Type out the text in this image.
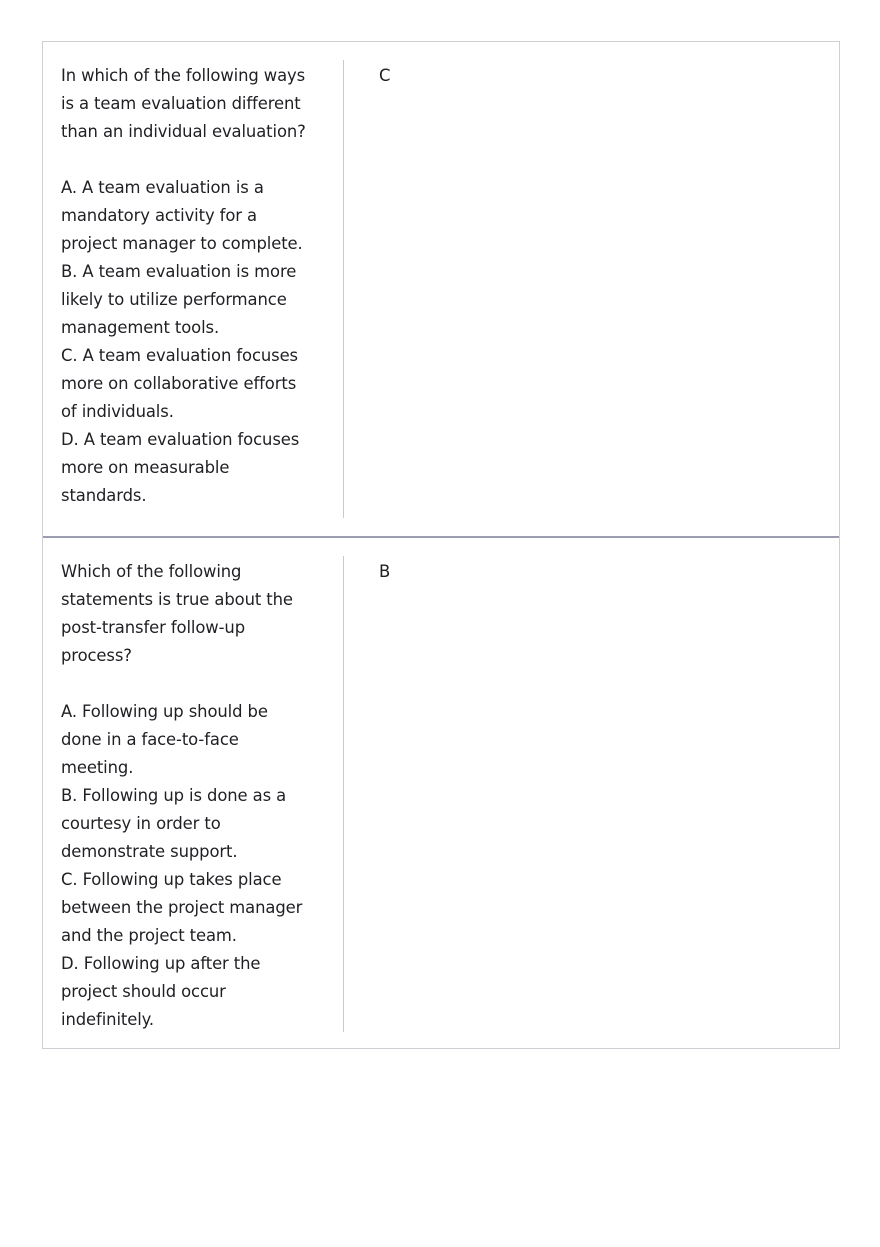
In which of the following ways is a team evaluation different than an individual evaluation?

A. A team evaluation is a mandatory activity for a project manager to complete.

B. A team evaluation is more likely to utilize performance management tools.

C. A team evaluation focuses more on collaborative efforts of individuals.

D. A team evaluation focuses more on measurable standards.

C

Which of the following statements is true about the post-transfer follow-up process?

A. Following up should be done in a face-to-face meeting.

B. Following up is done as a courtesy in order to demonstrate support.

C. Following up takes place between the project manager and the project team.

D. Following up after the project should occur indefinitely.

B
